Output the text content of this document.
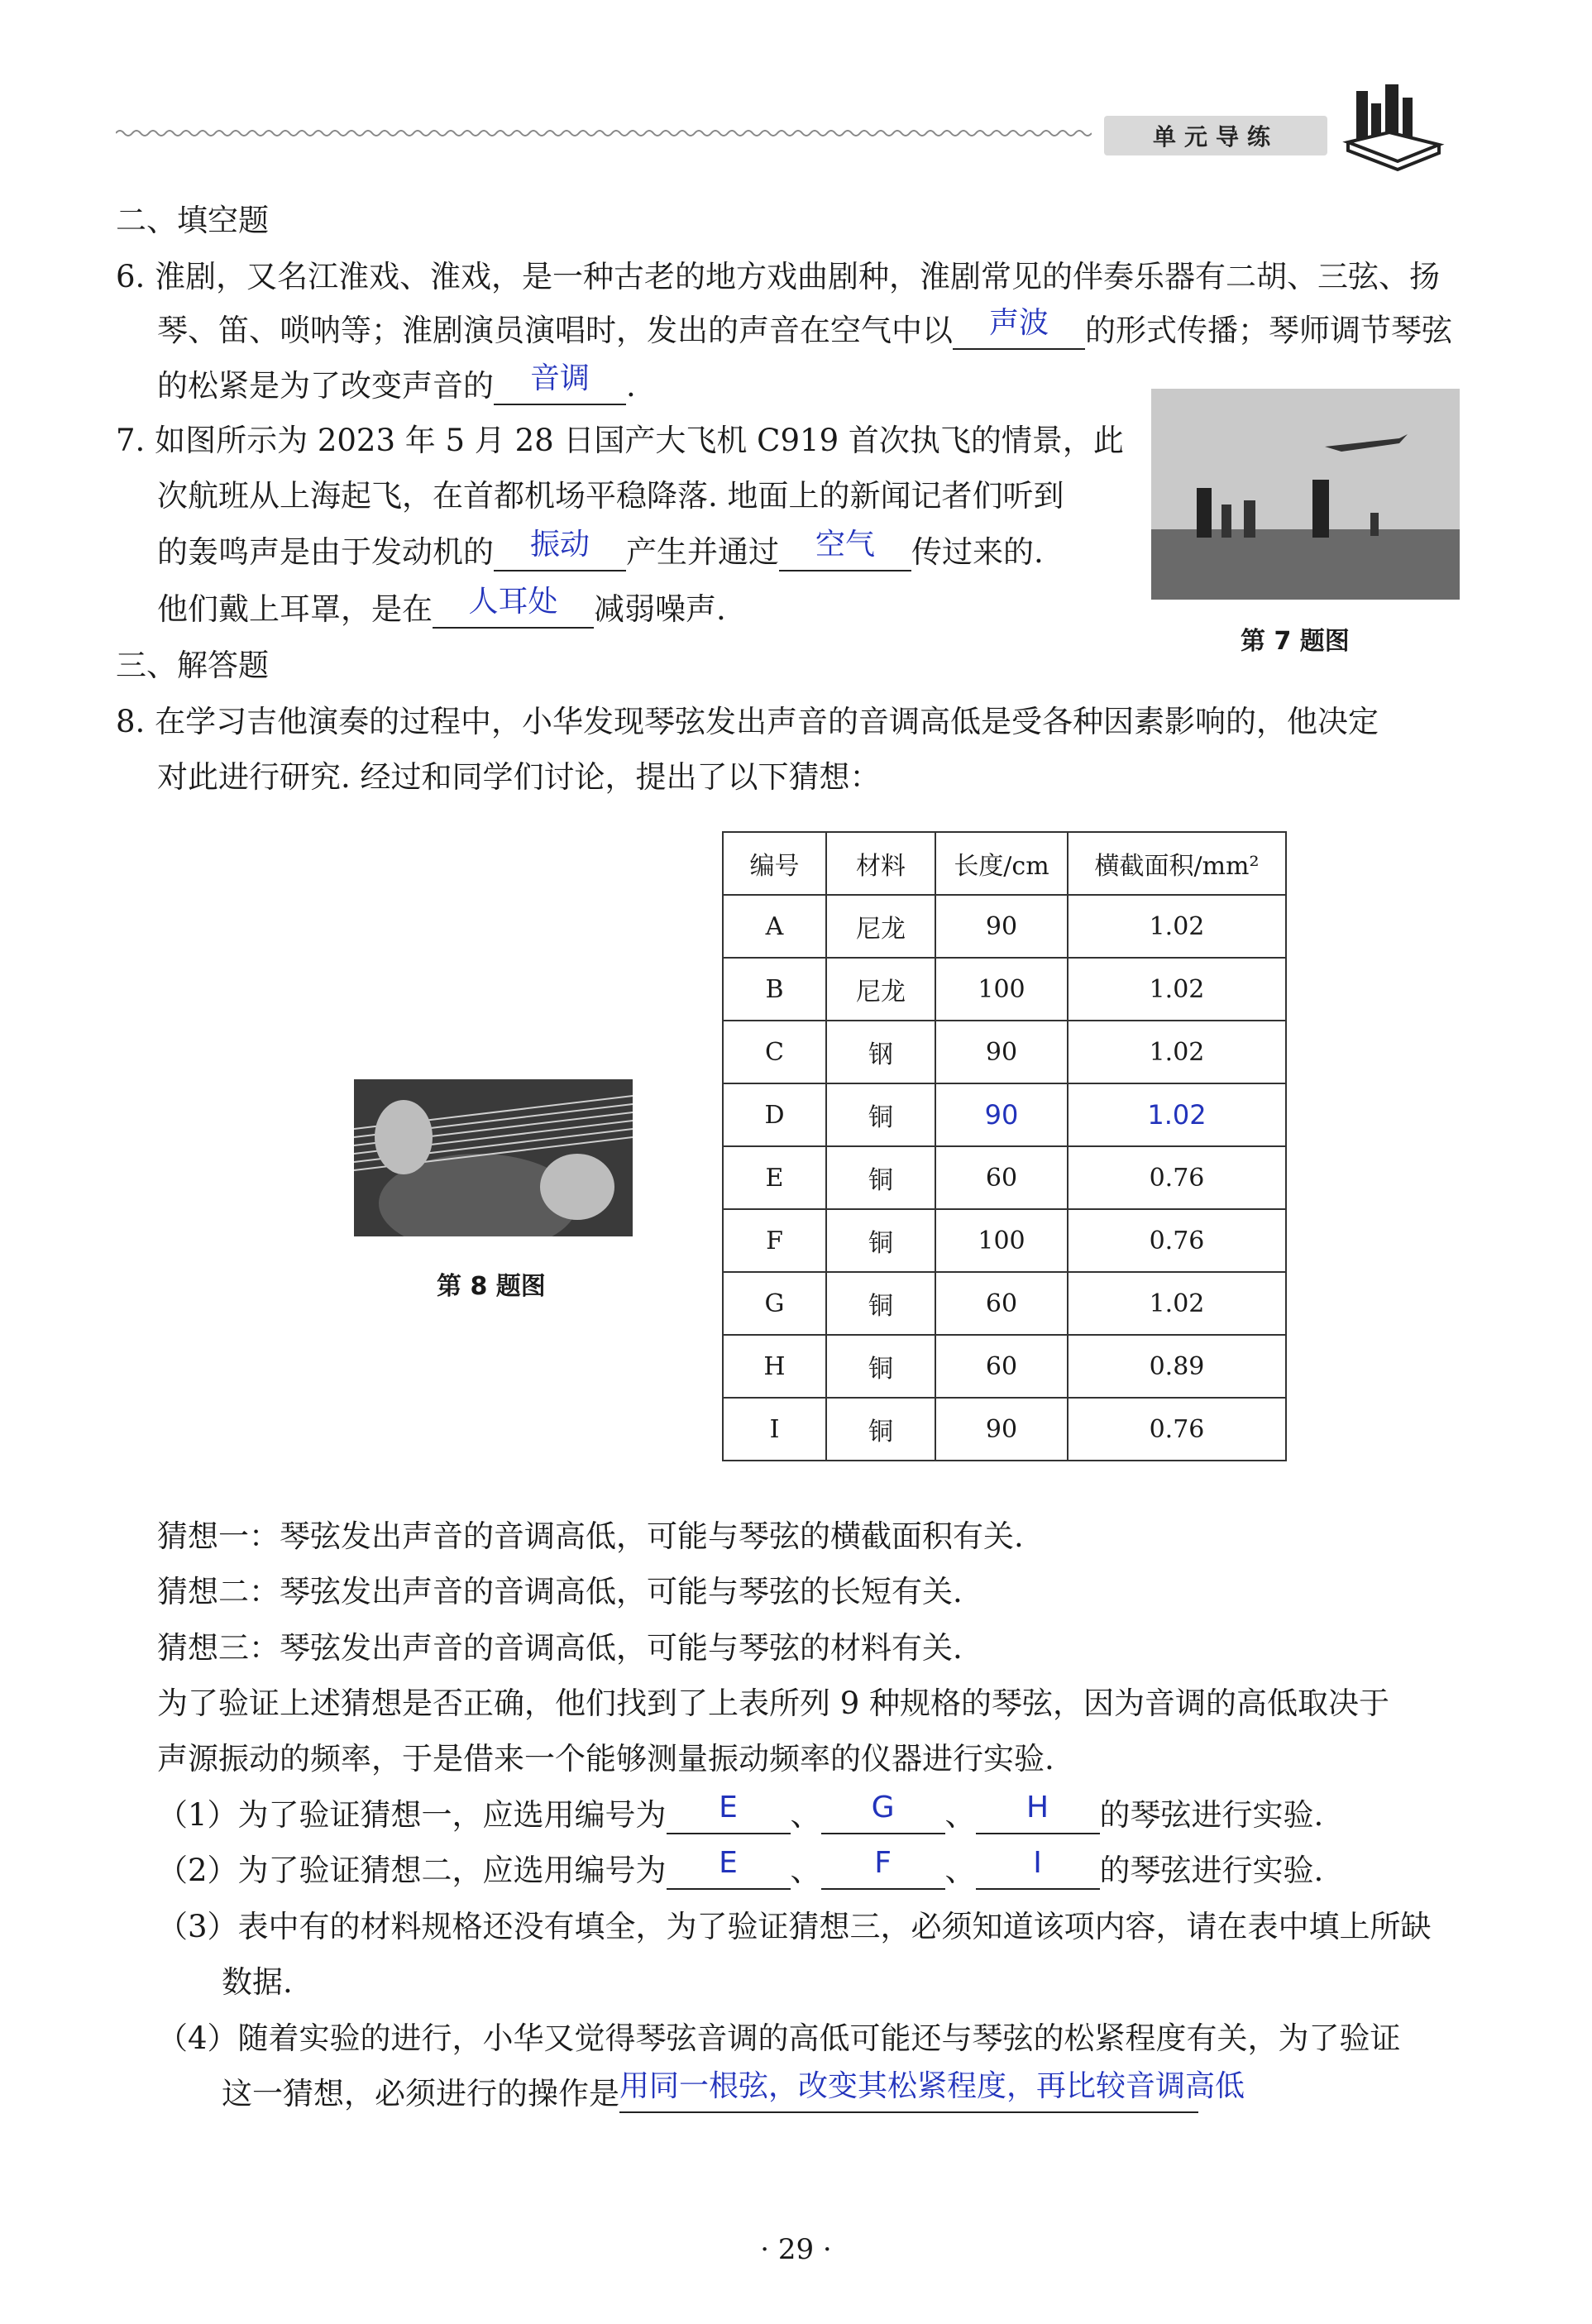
单元导练
二、填空题
6. 淮剧，又名江淮戏、淮戏，是一种古老的地方戏曲剧种，淮剧常见的伴奏乐器有二胡、三弦、扬
琴、笛、唢呐等；淮剧演员演唱时，发出的声音在空气中以 声波 的形式传播；琴师调节琴弦
的松紧是为了改变声音的 音调 .
第 7 题图
7. 如图所示为 2023 年 5 月 28 日国产大飞机 C919 首次执飞的情景，此
次航班从上海起飞，在首都机场平稳降落. 地面上的新闻记者们听到
的轰鸣声是由于发动机的 振动 产生并通过 空气 传过来的.
他们戴上耳罩，是在 人耳处 减弱噪声.
三、解答题
8. 在学习吉他演奏的过程中，小华发现琴弦发出声音的音调高低是受各种因素影响的，他决定
对此进行研究. 经过和同学们讨论，提出了以下猜想：
第 8 题图
编号	材料	长度/cm	横截面积/mm²
A	尼龙	90	1.02
B	尼龙	100	1.02
C	钢	90	1.02
D	铜	90	1.02
E	铜	60	0.76
F	铜	100	0.76
G	铜	60	1.02
H	铜	60	0.89
I	铜	90	0.76
猜想一：琴弦发出声音的音调高低，可能与琴弦的横截面积有关.
猜想二：琴弦发出声音的音调高低，可能与琴弦的长短有关.
猜想三：琴弦发出声音的音调高低，可能与琴弦的材料有关.
为了验证上述猜想是否正确，他们找到了上表所列 9 种规格的琴弦，因为音调的高低取决于
声源振动的频率，于是借来一个能够测量振动频率的仪器进行实验.
（1）为了验证猜想一，应选用编号为 E 、 G 、 H 的琴弦进行实验.
（2）为了验证猜想二，应选用编号为 E 、 F 、 I 的琴弦进行实验.
（3）表中有的材料规格还没有填全，为了验证猜想三，必须知道该项内容，请在表中填上所缺
数据.
（4）随着实验的进行，小华又觉得琴弦音调的高低可能还与琴弦的松紧程度有关，为了验证
这一猜想，必须进行的操作是用同一根弦，改变其松紧程度，再比较音调高低
· 29 ·
